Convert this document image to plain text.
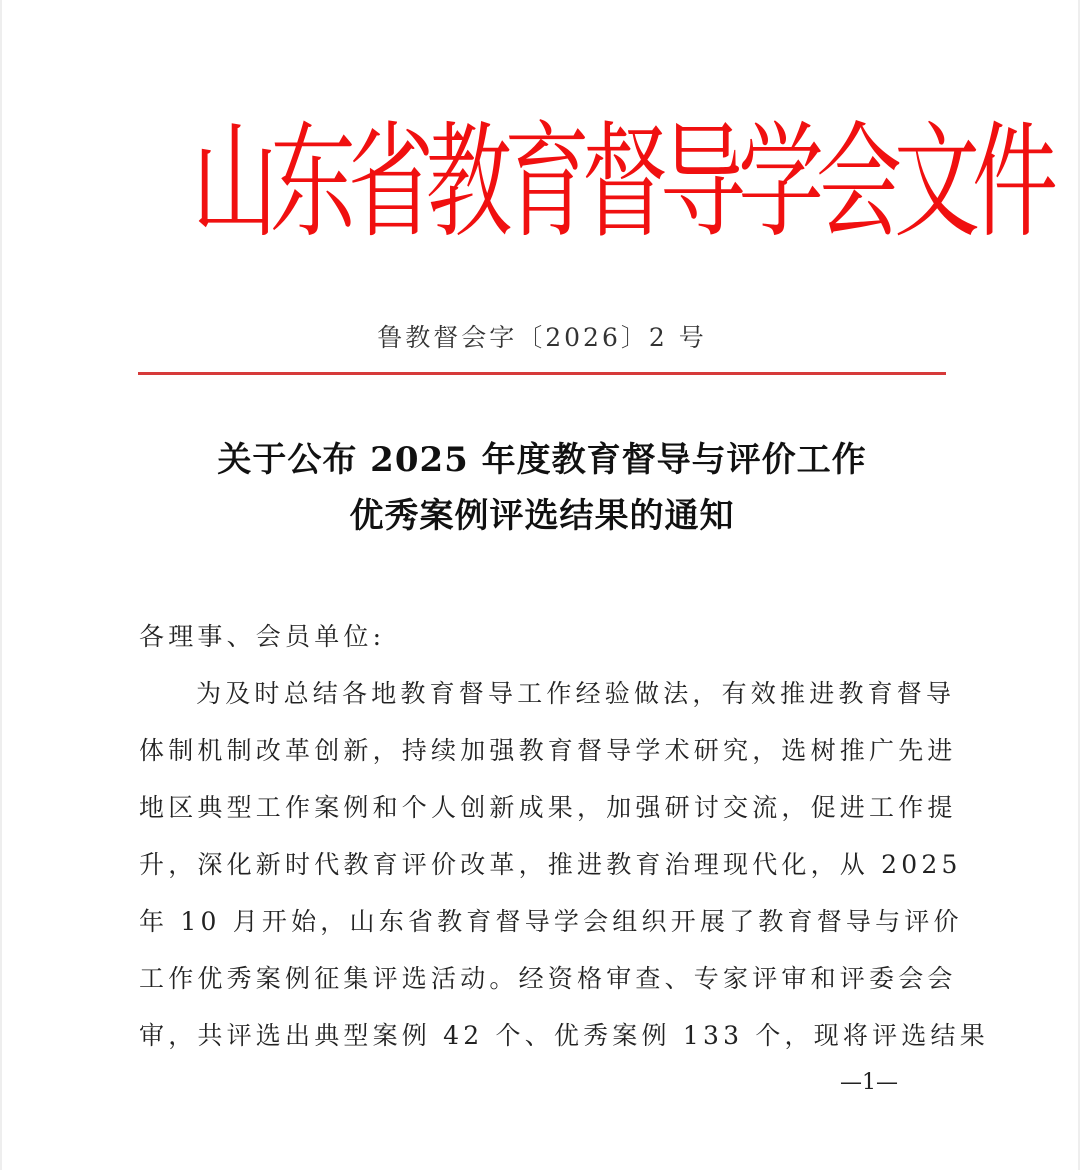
山东省教育督导学会文件
鲁教督会字〔2026〕2 号
关于公布 2025 年度教育督导与评价工作
优秀案例评选结果的通知
各理事、会员单位:
为及时总结各地教育督导工作经验做法，有效推进教育督导
体制机制改革创新，持续加强教育督导学术研究，选树推广先进
地区典型工作案例和个人创新成果，加强研讨交流，促进工作提
升，深化新时代教育评价改革，推进教育治理现代化，从 2025
年 10 月开始，山东省教育督导学会组织开展了教育督导与评价
工作优秀案例征集评选活动。经资格审查、专家评审和评委会会
审，共评选出典型案例 42 个、优秀案例 133 个，现将评选结果
—1—
